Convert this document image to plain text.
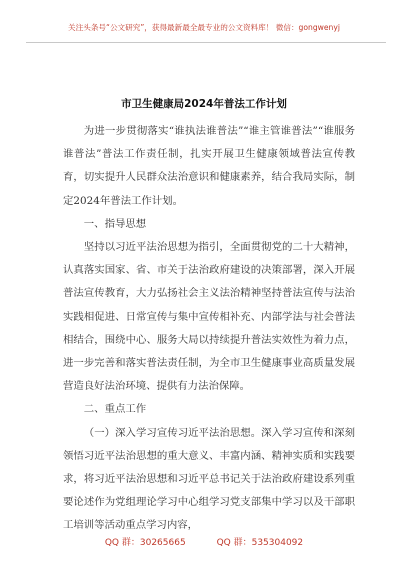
关注头条号“公文研究”，获得最新最全最专业的公文资料库！ 微信：gongwenyj
市卫生健康局2024年普法工作计划

为进一步贯彻落实“谁执法谁普法”“谁主管谁普法”“谁服务谁普法”普法工作责任制，扎实开展卫生健康领域普法宣传教育，切实提升人民群众法治意识和健康素养，结合我局实际，制定2024年普法工作计划。

一、指导思想

坚持以习近平法治思想为指引，全面贯彻党的二十大精神，认真落实国家、省、市关于法治政府建设的决策部署，深入开展普法宣传教育，大力弘扬社会主义法治精神坚持普法宣传与法治实践相促进、日常宣传与集中宣传相补充、内部学法与社会普法相结合，围绕中心、服务大局以持续提升普法实效性为着力点，进一步完善和落实普法责任制，为全市卫生健康事业高质量发展营造良好法治环境、提供有力法治保障。

二、重点工作

（一）深入学习宣传习近平法治思想。深入学习宣传和深刻领悟习近平法治思想的重大意义、丰富内涵、精神实质和实践要求，将习近平法治思想和习近平总书记关于法治政府建设系列重要论述作为党组理论学习中心组学习党支部集中学习以及干部职工培训等活动重点学习内容，

QQ 群：30265665	QQ 群：535304092
